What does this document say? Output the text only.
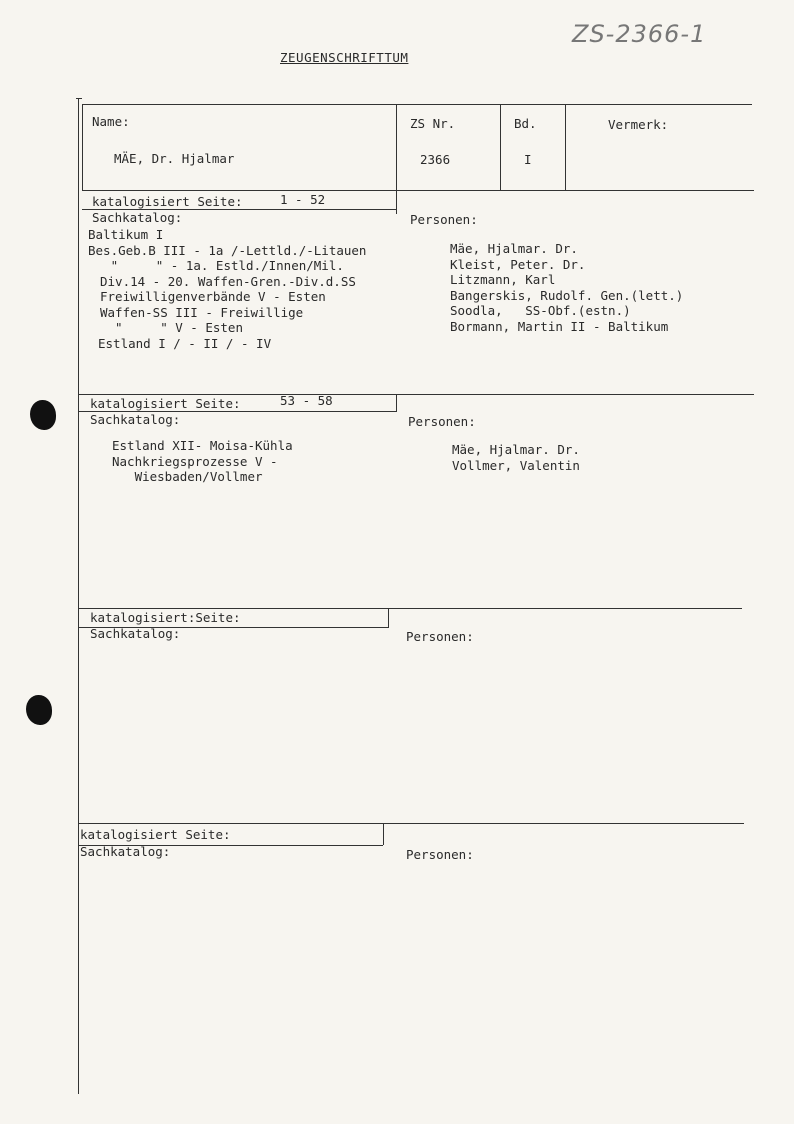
ZS-2366-1
ZEUGENSCHRIFTTUM
Name:
MÄE, Dr. Hjalmar
ZS Nr.
2366
Bd.
I
Vermerk:
katalogisiert Seite:	1 - 52
Sachkatalog:	Personen:
Baltikum I
Bes.Geb.B III - 1a /-Lettld./-Litauen
"     " - 1a. Estld./Innen/Mil.
Div.14 - 20. Waffen-Gren.-Div.d.SS
Freiwilligenverbände V - Esten
Waffen-SS III - Freiwillige
"     " V - Esten
Estland I / - II / - IV
Mäe, Hjalmar. Dr.
Kleist, Peter. Dr.
Litzmann, Karl
Bangerskis, Rudolf. Gen.(lett.)
Soodla,   SS-Obf.(estn.)
Bormann, Martin II - Baltikum
katalogisiert Seite:	53 - 58
Sachkatalog:	Personen:
Estland XII- Moisa-Kühla
Nachkriegsprozesse V -
Wiesbaden/Vollmer
Mäe, Hjalmar. Dr.
Vollmer, Valentin
katalogisiert:Seite:
Sachkatalog:	Personen:
katalogisiert Seite:
Sachkatalog:	Personen:
